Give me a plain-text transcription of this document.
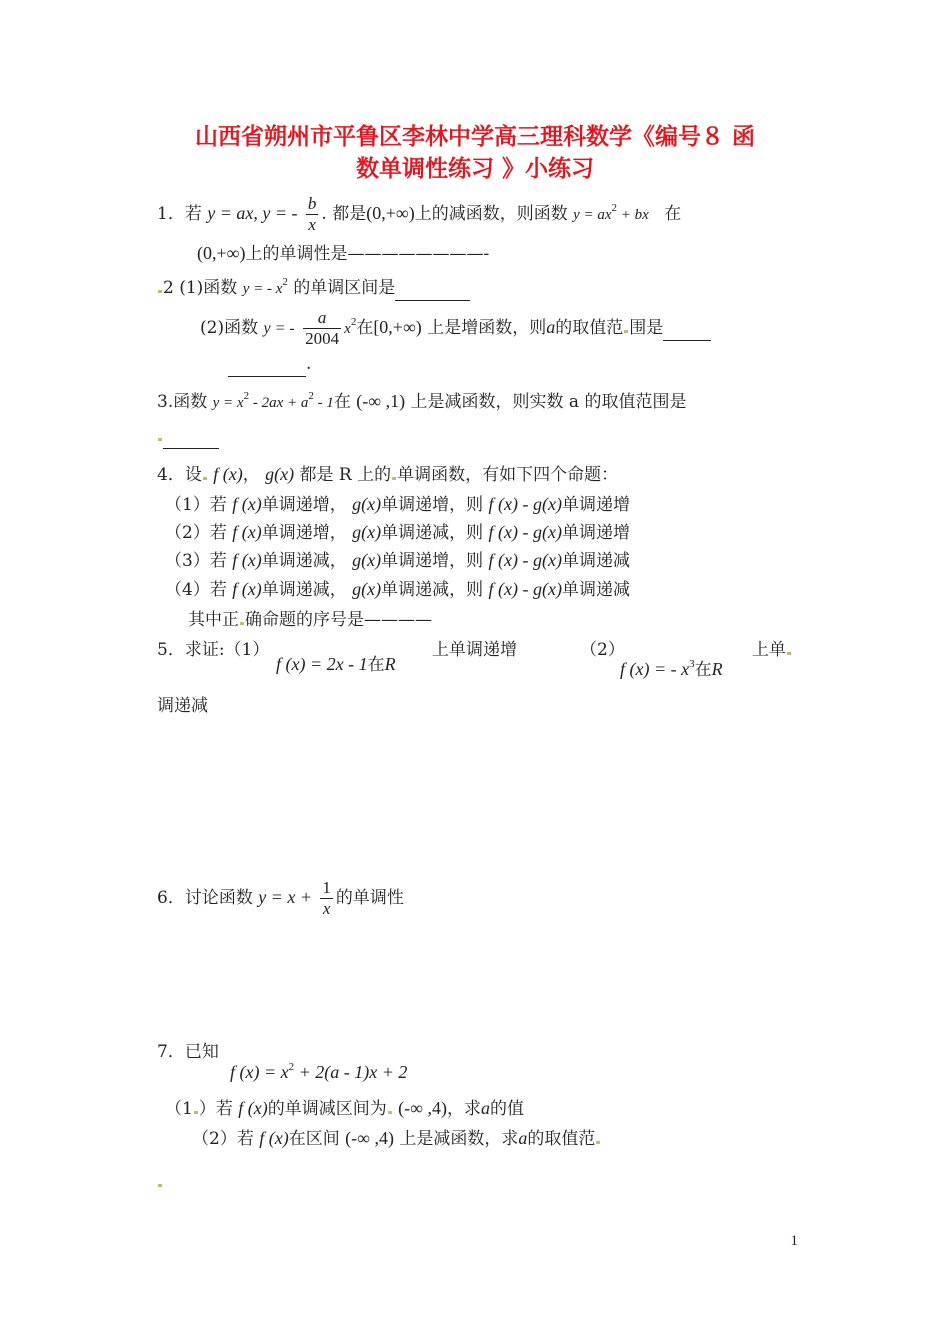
山西省朔州市平鲁区李林中学高三理科数学《编号８ 函
数单调性练习 》小练习
1．若 y = ax, y = - $\frac{b}{x}$ . 都是(0,+∞)上的减函数，则函数 $y = ax^2$ + bx 在
(0,+∞)上的单调性是————————-
2 (1)函数 y = - $x^2$ 的单调区间是
(2)函数 y = - $\frac{a}{2004} x^2$在[0,+∞) 上是增函数，则a的取值范 围是
.
3.函数 $y = x^2 - 2ax + a^2 - 1$在 (-∞ ,1) 上是减函数，则实数 a 的取值范围是

4．设 f (x)， g(x) 都是 R 上的 单调函数，有如下四个命题：
（1）若 f (x)单调递增， g(x)单调递增，则 f (x) - g(x)单调递增
（2）若 f (x)单调递增， g(x)单调递减，则 f (x) - g(x)单调递增
（3）若 f (x)单调递减， g(x)单调递增，则 f (x) - g(x)单调递减
（4）若 f (x)单调递减， g(x)单调递减，则 f (x) - g(x)单调递减
其中正 确命题的序号是————
5．求证:（1）
f (x) = 2x - 1在R
上单调递增	（2）
f (x) = - $x^3$在R
上单
调递减
6．讨论函数 $y = x + \frac{1}{x}$ 的单调性
7．已知
f $(x) = x^2 + 2(a - 1)x + 2$
（1 ）若 f (x)的单调减区间为 (-∞ ,4)，求a的值
（2）若 f (x)在区间 (-∞ ,4) 上是减函数，求a的取值范
1
